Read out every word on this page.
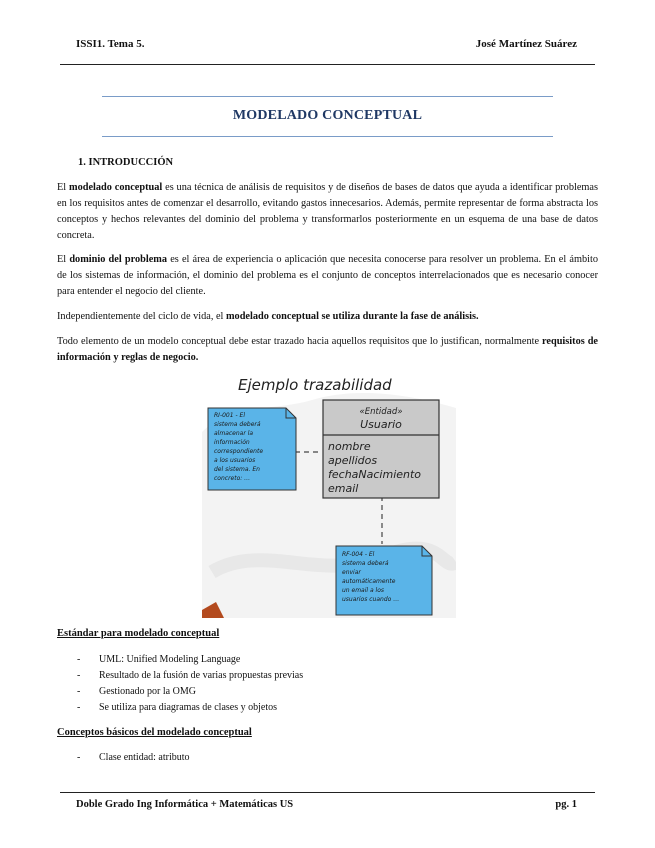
ISSI1. Tema 5.	José Martínez Suárez
MODELADO CONCEPTUAL
1. INTRODUCCIÓN
El modelado conceptual es una técnica de análisis de requisitos y de diseños de bases de datos que ayuda a identificar problemas en los requisitos antes de comenzar el desarrollo, evitando gastos innecesarios. Además, permite representar de forma abstracta los conceptos y hechos relevantes del dominio del problema y transformarlos posteriormente en un esquema de una base de datos concreta.
El dominio del problema es el área de experiencia o aplicación que necesita conocerse para resolver un problema. En el ámbito de los sistemas de información, el dominio del problema es el conjunto de conceptos interrelacionados que es necesario conocer para entender el negocio del cliente.
Independientemente del ciclo de vida, el modelado conceptual se utiliza durante la fase de análisis.
Todo elemento de un modelo conceptual debe estar trazado hacia aquellos requisitos que lo justifican, normalmente requisitos de información y reglas de negocio.
Ejemplo trazabilidad
RI-001 - El sistema deberá almacenar la información correspondiente a los usuarios del sistema. En concreto: …
«Entidad»
Usuario
nombre apellidos fechaNacimiento email
RF-004 - El sistema deberá enviar automáticamente un email a los usuarios cuando …
Estándar para modelado conceptual
- UML: Unified Modeling Language
- Resultado de la fusión de varias propuestas previas
- Gestionado por la OMG
- Se utiliza para diagramas de clases y objetos
Conceptos básicos del modelado conceptual
- Clase entidad: atributo
Doble Grado Ing Informática + Matemáticas US	pg. 1
